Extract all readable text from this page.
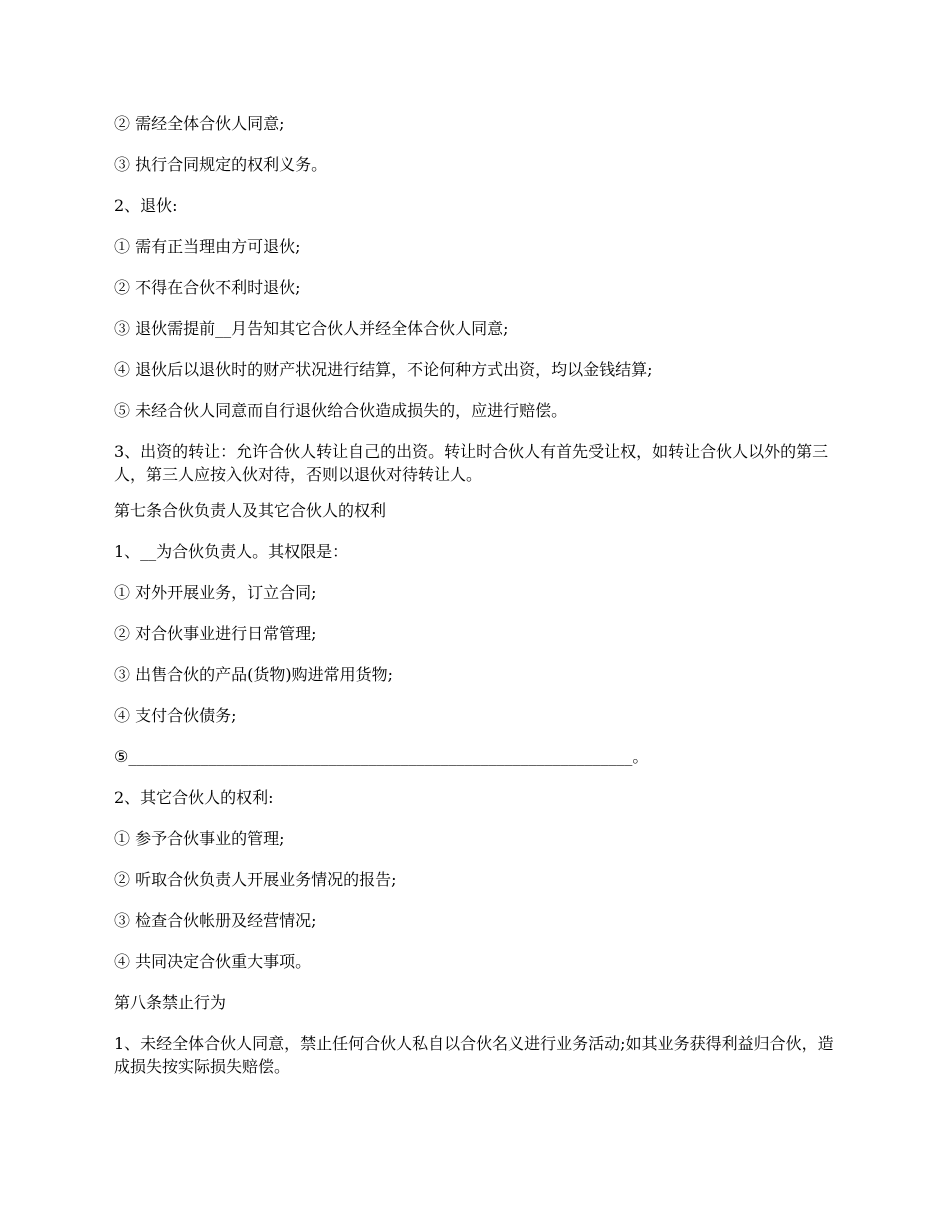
② 需经全体合伙人同意;

③ 执行合同规定的权利义务。

2、退伙:

① 需有正当理由方可退伙;

② 不得在合伙不利时退伙;

③ 退伙需提前__月告知其它合伙人并经全体合伙人同意;

④ 退伙后以退伙时的财产状况进行结算，不论何种方式出资，均以金钱结算;

⑤ 未经合伙人同意而自行退伙给合伙造成损失的，应进行赔偿。

3、出资的转让：允许合伙人转让自己的出资。转让时合伙人有首先受让权，如转让合伙人以外的第三人，第三人应按入伙对待，否则以退伙对待转让人。

第七条合伙负责人及其它合伙人的权利

1、__为合伙负责人。其权限是：

① 对外开展业务，订立合同;

② 对合伙事业进行日常管理;

③ 出售合伙的产品(货物)购进常用货物;

④ 支付合伙债务;

⑤_______________________________________________________________。

2、其它合伙人的权利:

① 参予合伙事业的管理;

② 听取合伙负责人开展业务情况的报告;

③ 检查合伙帐册及经营情况;

④ 共同决定合伙重大事项。

第八条禁止行为

1、未经全体合伙人同意，禁止任何合伙人私自以合伙名义进行业务活动;如其业务获得利益归合伙，造成损失按实际损失赔偿。
